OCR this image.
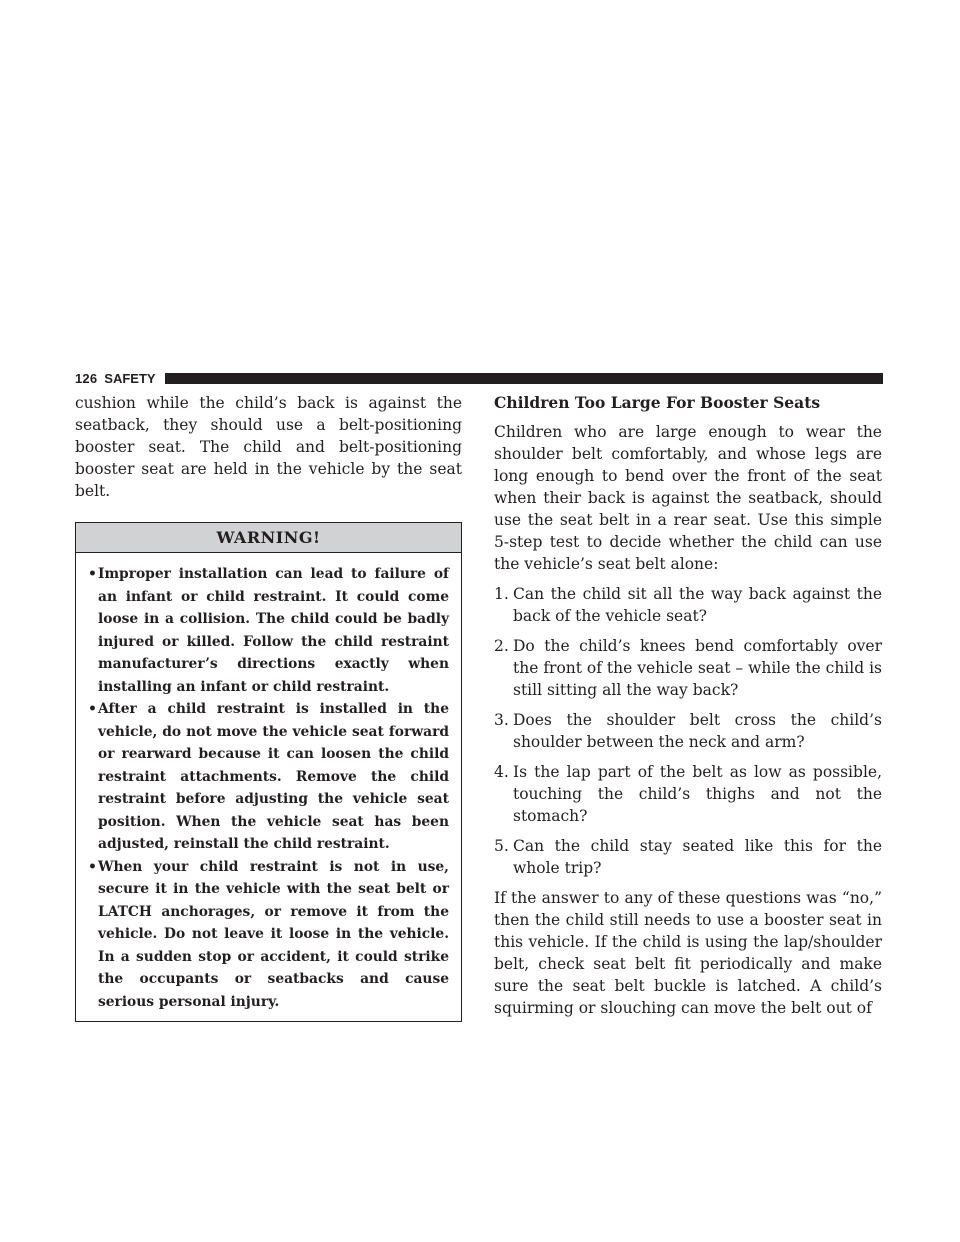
126 SAFETY

cushion while the child’s back is against the seatback, they should use a belt-positioning booster seat. The child and belt-positioning booster seat are held in the vehicle by the seat belt.

WARNING!
• Improper installation can lead to failure of an infant or child restraint. It could come loose in a collision. The child could be badly injured or killed. Follow the child restraint manufacturer’s directions exactly when installing an infant or child restraint.
• After a child restraint is installed in the vehicle, do not move the vehicle seat forward or rearward because it can loosen the child restraint attachments. Remove the child restraint before adjusting the vehicle seat position. When the vehicle seat has been adjusted, reinstall the child restraint.
• When your child restraint is not in use, secure it in the vehicle with the seat belt or LATCH anchorages, or remove it from the vehicle. Do not leave it loose in the vehicle. In a sudden stop or accident, it could strike the occupants or seatbacks and cause serious personal injury.

Children Too Large For Booster Seats

Children who are large enough to wear the shoulder belt comfortably, and whose legs are long enough to bend over the front of the seat when their back is against the seatback, should use the seat belt in a rear seat. Use this simple 5-step test to decide whether the child can use the vehicle’s seat belt alone:

1. Can the child sit all the way back against the back of the vehicle seat?
2. Do the child’s knees bend comfortably over the front of the vehicle seat – while the child is still sitting all the way back?
3. Does the shoulder belt cross the child’s shoulder between the neck and arm?
4. Is the lap part of the belt as low as possible, touching the child’s thighs and not the stomach?
5. Can the child stay seated like this for the whole trip?

If the answer to any of these questions was “no,” then the child still needs to use a booster seat in this vehicle. If the child is using the lap/shoulder belt, check seat belt fit periodically and make sure the seat belt buckle is latched. A child’s squirming or slouching can move the belt out of
